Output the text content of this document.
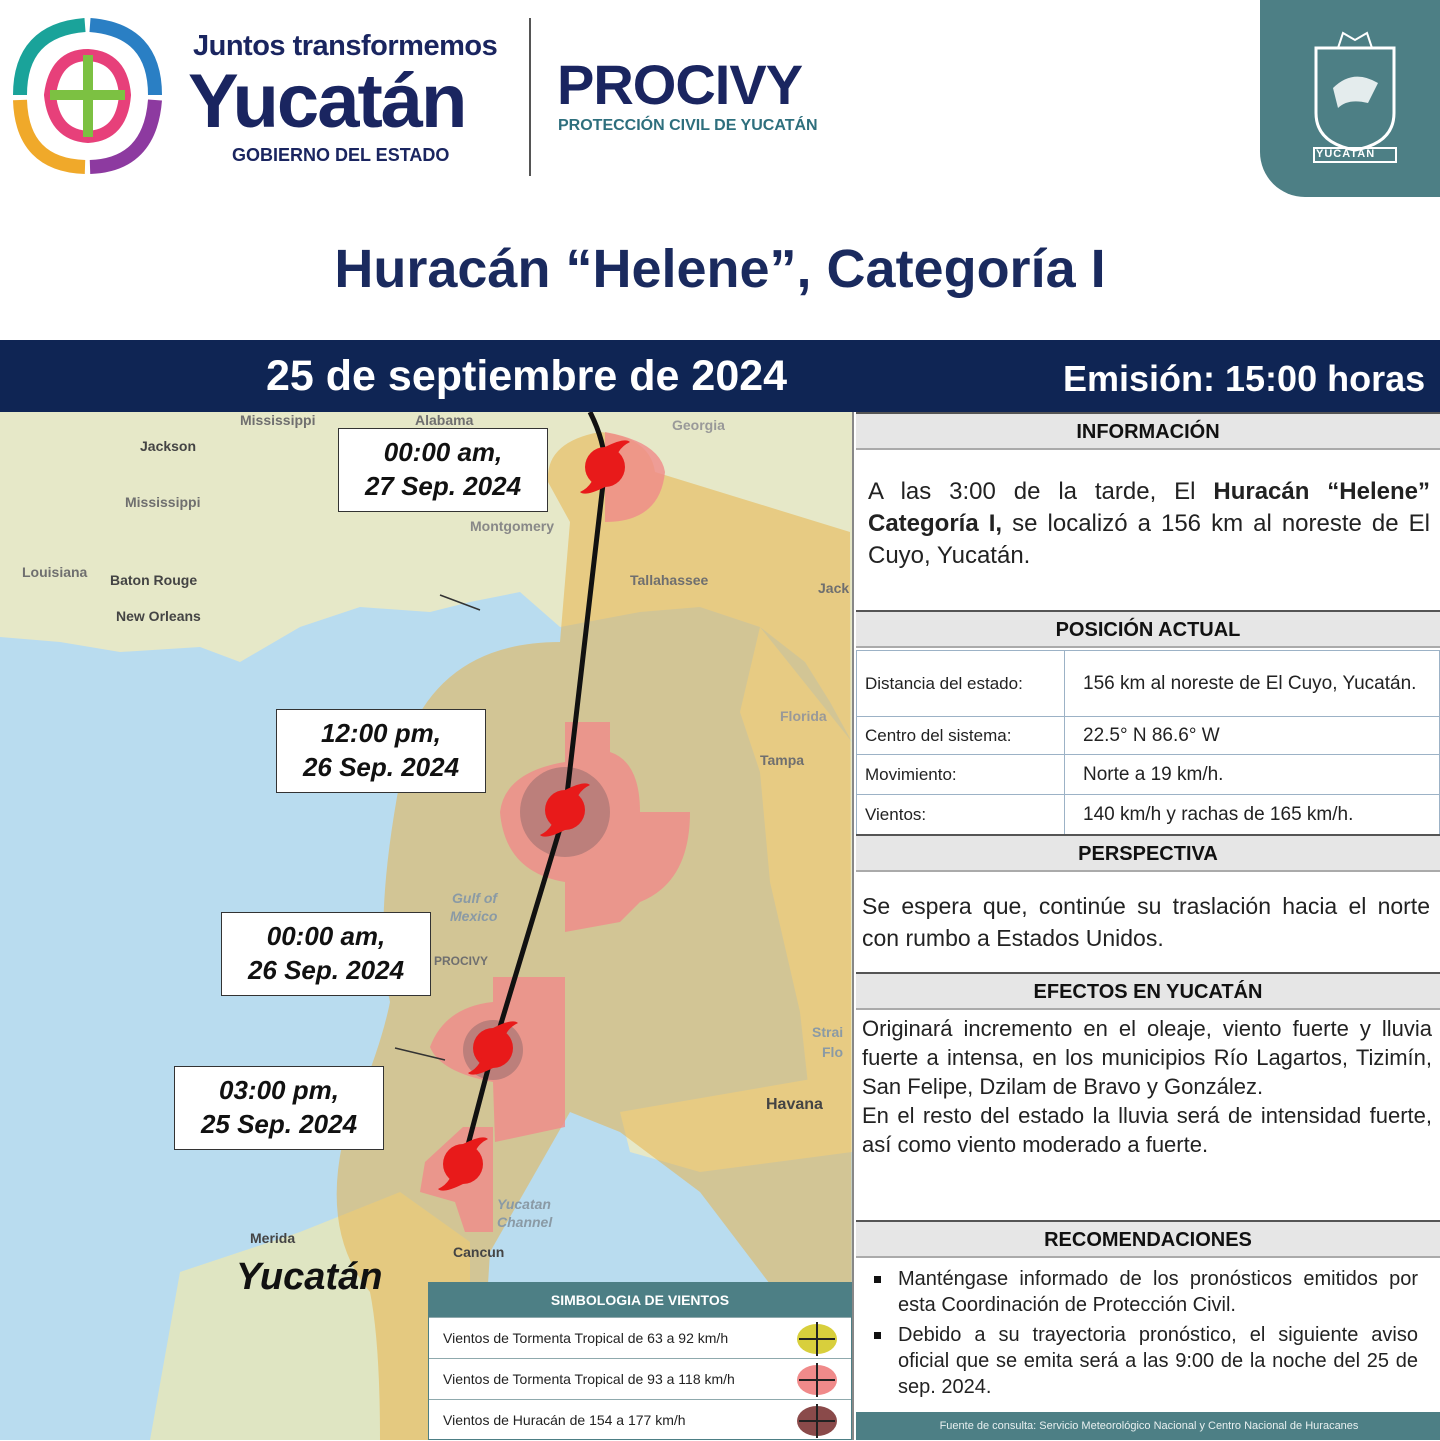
Juntos transformemos
Yucatán
GOBIERNO DEL ESTADO
PROCIVY
PROTECCIÓN CIVIL DE YUCATÁN
YUCATAN
Huracán “Helene”, Categoría I
25 de septiembre de 2024	Emisión: 15:00 horas
Mississippi	Alabama
Jackson
Mississippi
Montgomery
Georgia
Louisiana Baton Rouge
New Orleans
Tallahassee	Jack
Florida
Tampa
Gulf of
Mexico
PROCIVY
Strai
Flo
Havana
Yucatan
Channel
Cancun
Merida
00:00 am,
27 Sep. 2024
12:00 pm,
26 Sep. 2024
00:00 am,
26 Sep. 2024
03:00 pm,
25 Sep. 2024
Yucatán
SIMBOLOGIA DE VIENTOS
Vientos de Tormenta Tropical de 63 a 92 km/h
Vientos de Tormenta Tropical de 93 a 118 km/h
Vientos de Huracán de 154 a 177 km/h
INFORMACIÓN
A las 3:00 de la tarde, El Huracán “Helene” Categoría I, se localizó a 156 km al noreste de El Cuyo, Yucatán.
POSICIÓN ACTUAL
Distancia del estado:	156 km al noreste de El Cuyo, Yucatán.
Centro del sistema:	22.5° N 86.6° W
Movimiento:	Norte a 19 km/h.
Vientos:	140 km/h y rachas de 165 km/h.
PERSPECTIVA
Se espera que, continúe su traslación hacia el norte con rumbo a Estados Unidos.
EFECTOS EN YUCATÁN
Originará incremento en el oleaje, viento fuerte y lluvia fuerte a intensa, en los municipios Río Lagartos, Tizimín, San Felipe, Dzilam de Bravo y González.
En el resto del estado la lluvia será de intensidad fuerte, así como viento moderado a fuerte.
RECOMENDACIONES
Manténgase informado de los pronósticos emitidos por esta Coordinación de Protección Civil.
Debido a su trayectoria pronóstico, el siguiente aviso oficial que se emita será a las 9:00 de la noche del 25 de sep. 2024.
Fuente de consulta: Servicio Meteorológico Nacional y Centro Nacional de Huracanes
